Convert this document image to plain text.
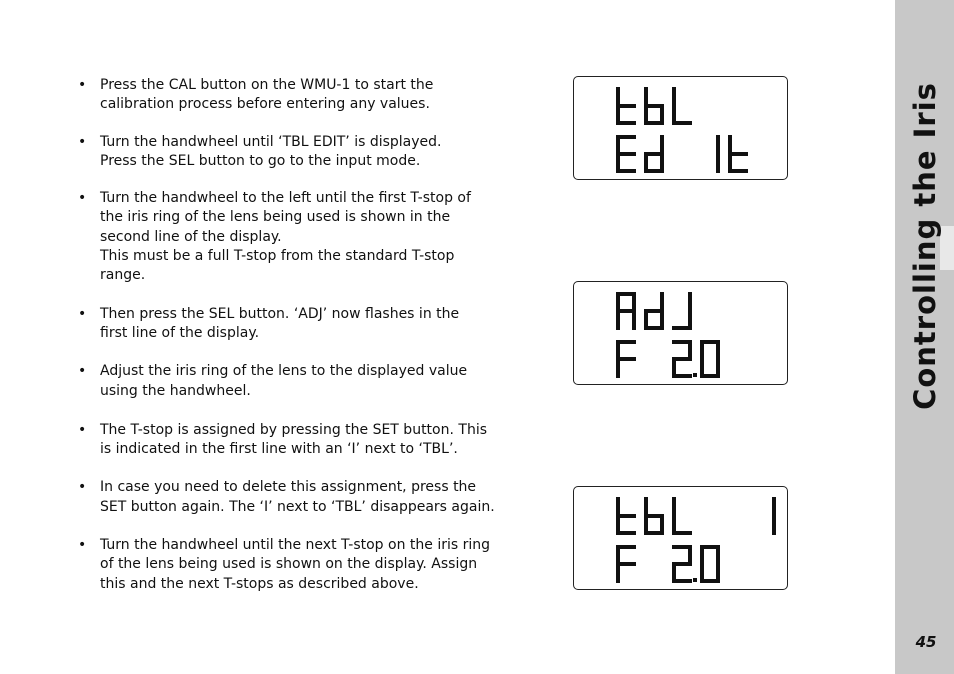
• Press the CAL button on the WMU-1 to start the
calibration process before entering any values.
• Turn the handwheel until ‘TBL EDIT’ is displayed.
Press the SEL button to go to the input mode.
• Turn the handwheel to the left until the first T-stop of
the iris ring of the lens being used is shown in the
second line of the display.
This must be a full T-stop from the standard T-stop
range.
• Then press the SEL button. ‘ADJ’ now flashes in the
first line of the display.
• Adjust the iris ring of the lens to the displayed value
using the handwheel.
• The T-stop is assigned by pressing the SET button. This
is indicated in the first line with an ‘I’ next to ‘TBL’.
• In case you need to delete this assignment, press the
SET button again. The ‘I’ next to ‘TBL’ disappears again.
• Turn the handwheel until the next T-stop on the iris ring
of the lens being used is shown on the display. Assign
this and the next T-stops as described above.
Controlling the Iris
45
